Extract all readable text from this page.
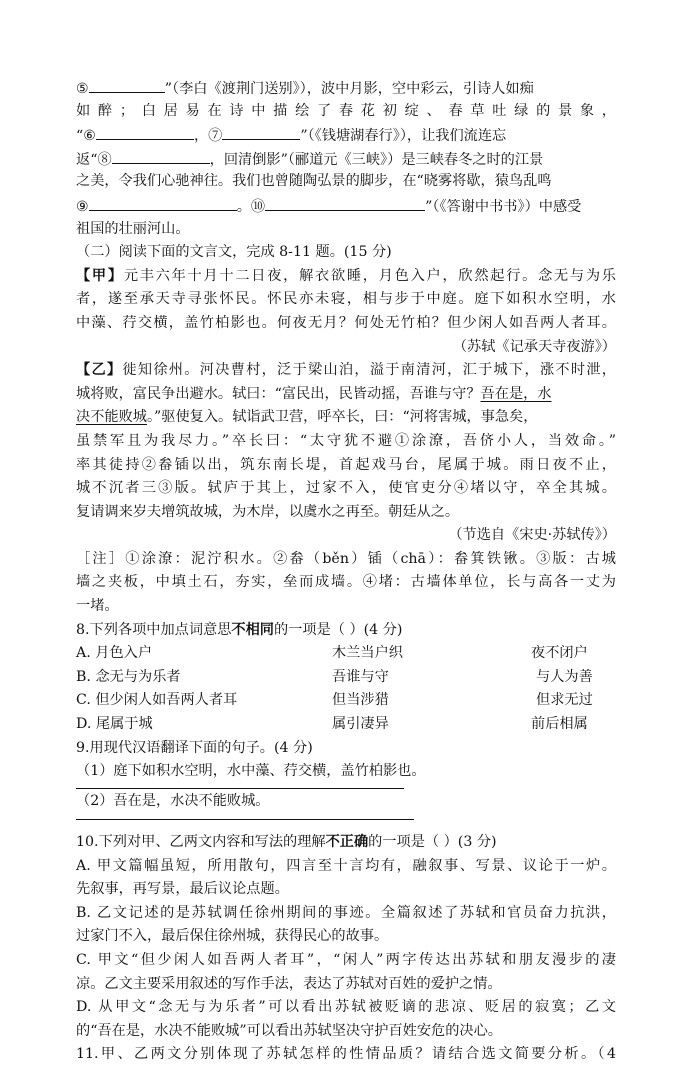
⑤	”（李白《渡荆门送别》），波中月影，空中彩云，引诗人如痴
如醉；白居易在诗中描绘了春花初绽、春草吐绿的景象，
“⑥	，⑦	”（《钱塘湖春行》），让我们流连忘
返“⑧	，回清倒影”（郦道元《三峡》）是三峡春冬之时的江景
之美，令我们心驰神往。我们也曾随陶弘景的脚步，在“晓雾将歇，猿鸟乱鸣
⑨	。⑩	”（《答谢中书书》）中感受
祖国的壮丽河山。
（二）阅读下面的文言文，完成 8-11 题。(15 分)
【甲】元丰六年十月十二日夜，解衣欲睡，月色入户，欣然起行。念无与为乐
者，遂至承天寺寻张怀民。怀民亦未寝，相与步于中庭。庭下如积水空明，水
中藻、荇交横，盖竹柏影也。何夜无月？何处无竹柏？但少闲人如吾两人者耳。
（苏轼《记承天寺夜游》）
【乙】徙知徐州。河决曹村，泛于梁山泊，溢于南清河，汇于城下，涨不时泄，
城将败，富民争出避水。轼曰：“富民出，民皆动摇，吾谁与守？吾在是，水
决不能败城。”驱使复入。轼诣武卫营，呼卒长，曰：“河将害城，事急矣，
虽禁军且为我尽力。”卒长曰：“太守犹不避①涂潦，吾侪小人，当效命。”
率其徒持②畚锸以出，筑东南长堤，首起戏马台，尾属于城。雨日夜不止，
城不沉者三③版。轼庐于其上，过家不入，使官吏分④堵以守，卒全其城。
复请调来岁夫增筑故城，为木岸，以虞水之再至。朝廷从之。
（节选自《宋史·苏轼传》）
［注］①涂潦：泥泞积水。②畚（běn）锸（chā）：畚箕铁锹。③版：古城
墙之夹板，中填土石，夯实，垒而成墙。④堵：古墙体单位，长与高各一丈为
一堵。
8.下列各项中加点词意思不相同的一项是（ ）(4 分)
A. 月色入户	木兰当户织	夜不闭户
B. 念无与为乐者	吾谁与守	与人为善
C. 但少闲人如吾两人者耳	但当涉猎	但求无过
D. 尾属于城	属引凄异	前后相属
9.用现代汉语翻译下面的句子。(4 分)
（1）庭下如积水空明，水中藻、荇交横，盖竹柏影也。
（2）吾在是，水决不能败城。
10.下列对甲、乙两文内容和写法的理解不正确的一项是（ ）(3 分)
A. 甲文篇幅虽短，所用散句，四言至十言均有，融叙事、写景、议论于一炉。
先叙事，再写景，最后议论点题。
B. 乙文记述的是苏轼调任徐州期间的事迹。全篇叙述了苏轼和官员奋力抗洪，
过家门不入，最后保住徐州城，获得民心的故事。
C. 甲文“但少闲人如吾两人者耳”，“闲人”两字传达出苏轼和朋友漫步的凄
凉。乙文主要采用叙述的写作手法，表达了苏轼对百姓的爱护之情。
D. 从甲文“念无与为乐者”可以看出苏轼被贬谪的悲凉、贬居的寂寞；乙文
的“吾在是，水决不能败城”可以看出苏轼坚决守护百姓安危的决心。
11.甲、乙两文分别体现了苏轼怎样的性情品质？请结合选文简要分析。（4
